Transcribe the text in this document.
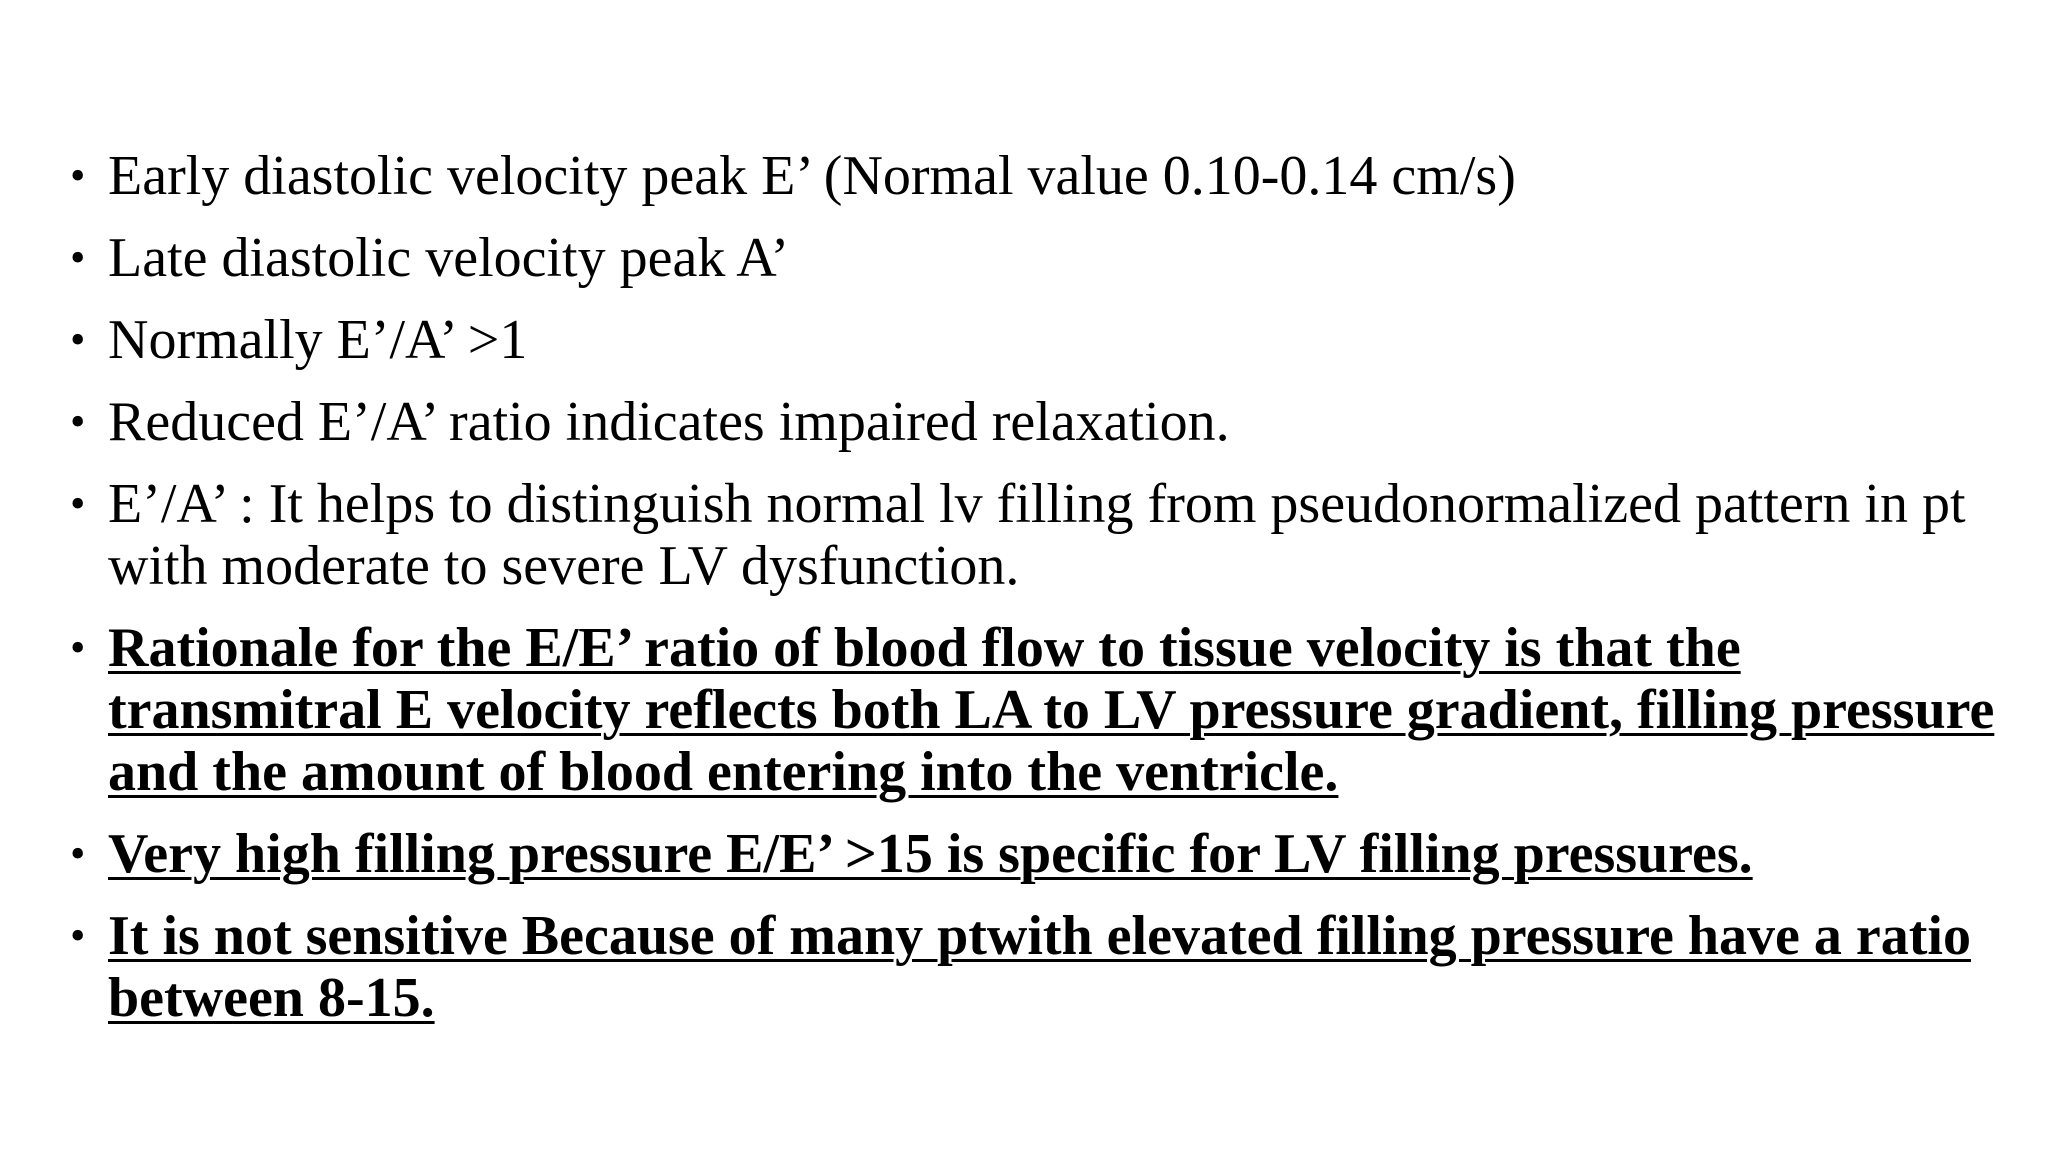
• Early diastolic velocity peak E’ (Normal value 0.10-0.14 cm/s)
• Late diastolic velocity peak A’
• Normally E’/A’ >1
• Reduced E’/A’ ratio indicates impaired relaxation.
• E’/A’ : It helps to distinguish normal lv filling from pseudonormalized pattern in pt with moderate to severe LV dysfunction.
• Rationale for the E/E’ ratio of blood flow to tissue velocity is that the transmitral E velocity reflects both LA to LV pressure gradient, filling pressure and the amount of blood entering into the ventricle.
• Very high filling pressure E/E’ >15 is specific for LV filling pressures.
• It is not sensitive Because of many ptwith elevated filling pressure have a ratio between 8-15.
